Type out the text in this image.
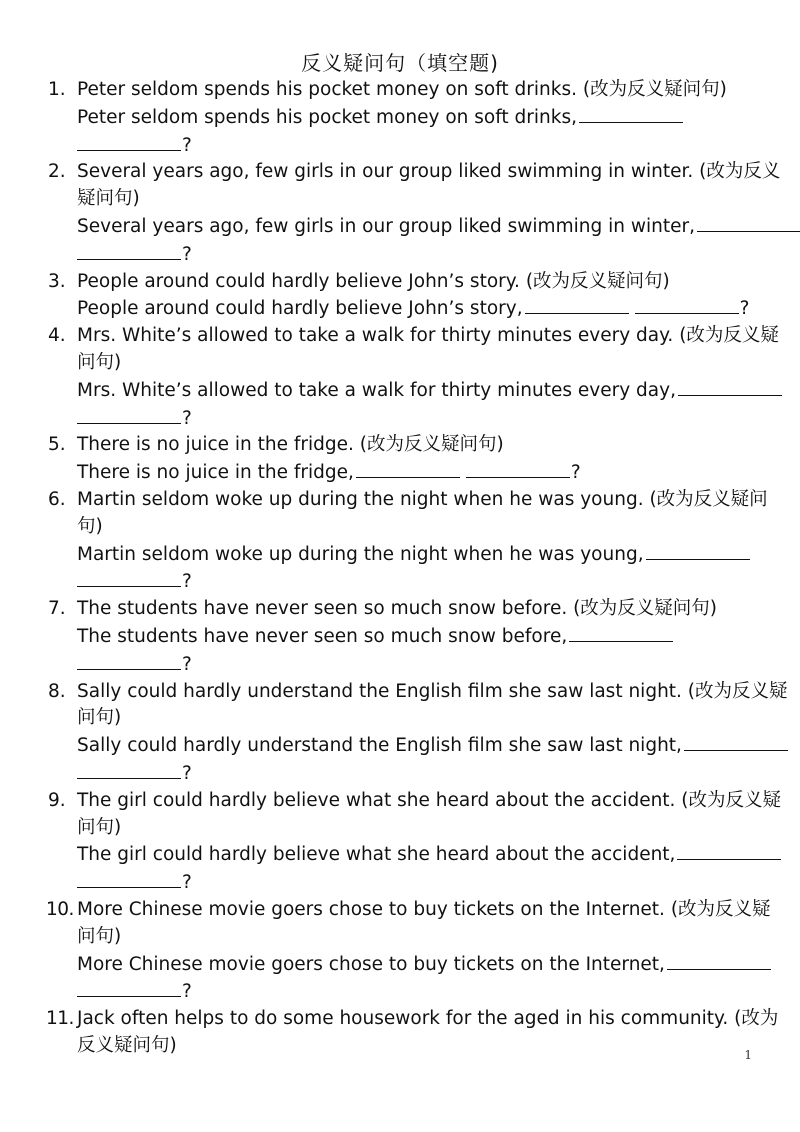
反义疑问句（填空题)
1. Peter seldom spends his pocket money on soft drinks. (改为反义疑问句)
Peter seldom spends his pocket money on soft drinks,
?
2. Several years ago, few girls in our group liked swimming in winter. (改为反义
疑问句)
Several years ago, few girls in our group liked swimming in winter,
?
3. People around could hardly believe John’s story. (改为反义疑问句)
People around could hardly believe John’s story,	?
4. Mrs. White’s allowed to take a walk for thirty minutes every day. (改为反义疑
问句)
Mrs. White’s allowed to take a walk for thirty minutes every day,
?
5. There is no juice in the fridge. (改为反义疑问句)
There is no juice in the fridge,	?
6. Martin seldom woke up during the night when he was young. (改为反义疑问
句)
Martin seldom woke up during the night when he was young,
?
7. The students have never seen so much snow before. (改为反义疑问句)
The students have never seen so much snow before,
?
8. Sally could hardly understand the English film she saw last night. (改为反义疑
问句)
Sally could hardly understand the English film she saw last night,
?
9. The girl could hardly believe what she heard about the accident. (改为反义疑
问句)
The girl could hardly believe what she heard about the accident,
?
10. More Chinese movie goers chose to buy tickets on the Internet. (改为反义疑
问句)
More Chinese movie goers chose to buy tickets on the Internet,
?
11. Jack often helps to do some housework for the aged in his community. (改为
反义疑问句)	1
